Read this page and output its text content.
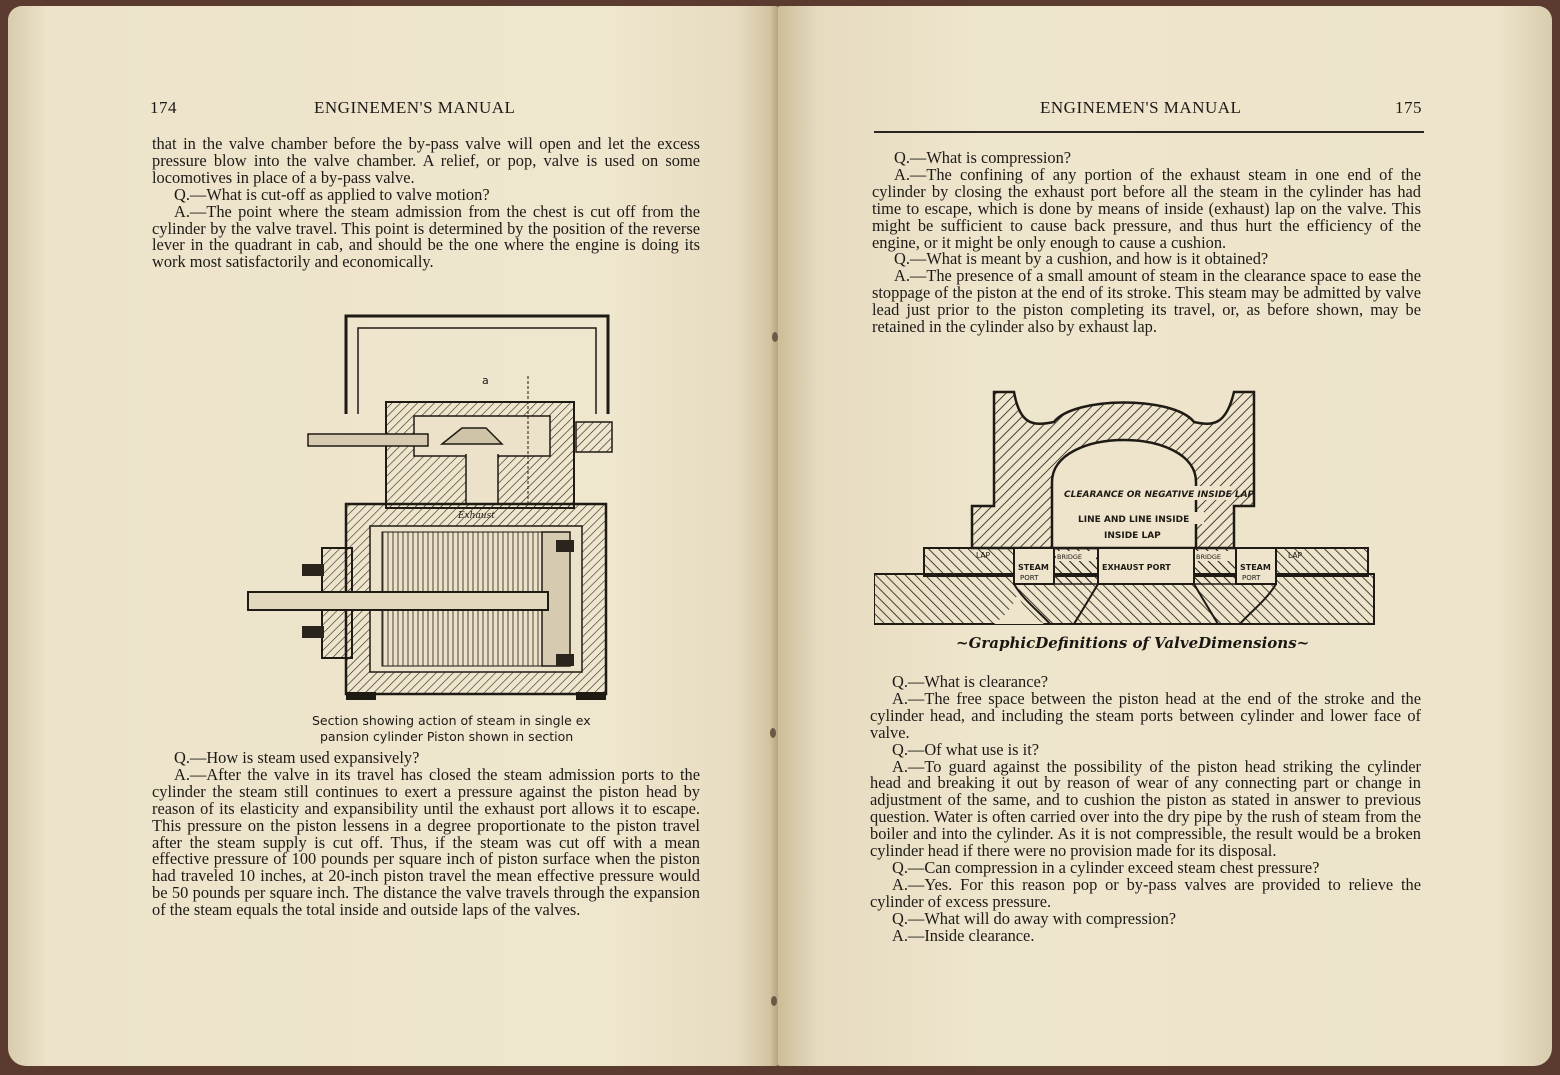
174	ENGINEMEN'S MANUAL

that in the valve chamber before the by-pass valve will open and let the excess pressure blow into the valve chamber. A relief, or pop, valve is used on some locomotives in place of a by-pass valve.

Q.—What is cut-off as applied to valve motion?

A.—The point where the steam admission from the chest is cut off from the cylinder by the valve travel. This point is determined by the position of the reverse lever in the quadrant in cab, and should be the one where the engine is doing its work most satisfactorily and economically.

a
Exhaust
Section showing action of steam in single ex
pansion cylinder Piston shown in section

Q.—How is steam used expansively?

A.—After the valve in its travel has closed the steam admission ports to the cylinder the steam still continues to exert a pressure against the piston head by reason of its elasticity and expansibility until the exhaust port allows it to escape. This pressure on the piston lessens in a degree proportionate to the piston travel after the steam supply is cut off. Thus, if the steam was cut off with a mean effective pressure of 100 pounds per square inch of piston surface when the piston had traveled 10 inches, at 20-inch piston travel the mean effective pressure would be 50 pounds per square inch. The distance the valve travels through the expansion of the steam equals the total inside and outside laps of the valves.

ENGINEMEN'S MANUAL	175

Q.—What is compression?

A.—The confining of any portion of the exhaust steam in one end of the cylinder by closing the exhaust port before all the steam in the cylinder has had time to escape, which is done by means of inside (exhaust) lap on the valve. This might be sufficient to cause back pressure, and thus hurt the efficiency of the engine, or it might be only enough to cause a cushion.

Q.—What is meant by a cushion, and how is it obtained?

A.—The presence of a small amount of steam in the clearance space to ease the stoppage of the piston at the end of its stroke. This steam may be admitted by valve lead just prior to the piston completing its travel, or, as before shown, may be retained in the cylinder also by exhaust lap.

CLEARANCE OR NEGATIVE INSIDE LAP
LINE AND LINE INSIDE
INSIDE LAP
LAP	LAP
STEAM
PORT
STEAM
PORT
BRIDGE	BRIDGE
EXHAUST PORT
~GraphicDefinitions of ValveDimensions~

Q.—What is clearance?

A.—The free space between the piston head at the end of the stroke and the cylinder head, and including the steam ports between cylinder and lower face of valve.

Q.—Of what use is it?

A.—To guard against the possibility of the piston head striking the cylinder head and breaking it out by reason of wear of any connecting part or change in adjustment of the same, and to cushion the piston as stated in answer to previous question. Water is often carried over into the dry pipe by the rush of steam from the boiler and into the cylinder. As it is not compressible, the result would be a broken cylinder head if there were no provision made for its disposal.

Q.—Can compression in a cylinder exceed steam chest pressure?

A.—Yes. For this reason pop or by-pass valves are provided to relieve the cylinder of excess pressure.

Q.—What will do away with compression?

A.—Inside clearance.
